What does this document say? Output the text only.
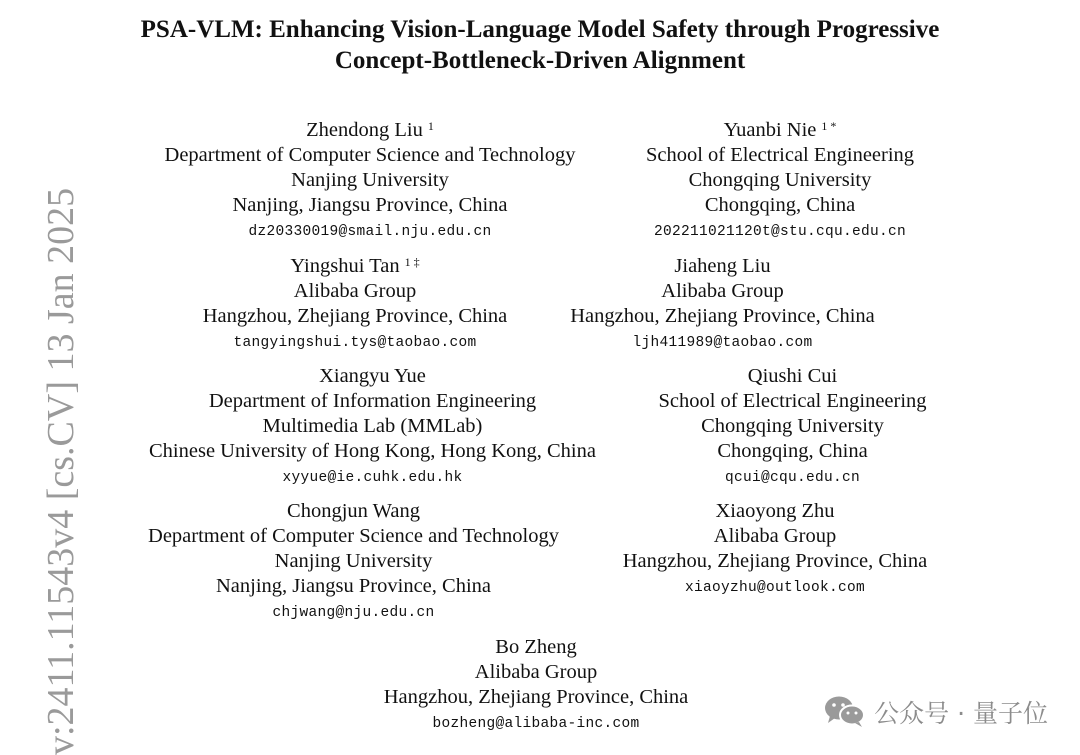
PSA-VLM: Enhancing Vision-Language Model Safety through Progressive
Concept-Bottleneck-Driven Alignment
v:2411.11543v4 [cs.CV] 13 Jan 2025
Zhendong Liu $^1$
Department of Computer Science and Technology
Nanjing University
Nanjing, Jiangsu Province, China
dz20330019@smail.nju.edu.cn
Yuanbi Nie $^{1 *}$
School of Electrical Engineering
Chongqing University
Chongqing, China
202211021120t@stu.cqu.edu.cn
Yingshui Tan $^{1 \ddagger}$
Alibaba Group
Hangzhou, Zhejiang Province, China
tangyingshui.tys@taobao.com
Jiaheng Liu
Alibaba Group
Hangzhou, Zhejiang Province, China
ljh411989@taobao.com
Xiangyu Yue
Department of Information Engineering
Multimedia Lab (MMLab)
Chinese University of Hong Kong, Hong Kong, China
xyyue@ie.cuhk.edu.hk
Qiushi Cui
School of Electrical Engineering
Chongqing University
Chongqing, China
qcui@cqu.edu.cn
Chongjun Wang
Department of Computer Science and Technology
Nanjing University
Nanjing, Jiangsu Province, China
chjwang@nju.edu.cn
Xiaoyong Zhu
Alibaba Group
Hangzhou, Zhejiang Province, China
xiaoyzhu@outlook.com
Bo Zheng
Alibaba Group
Hangzhou, Zhejiang Province, China
bozheng@alibaba-inc.com	公众号 · 量子位
